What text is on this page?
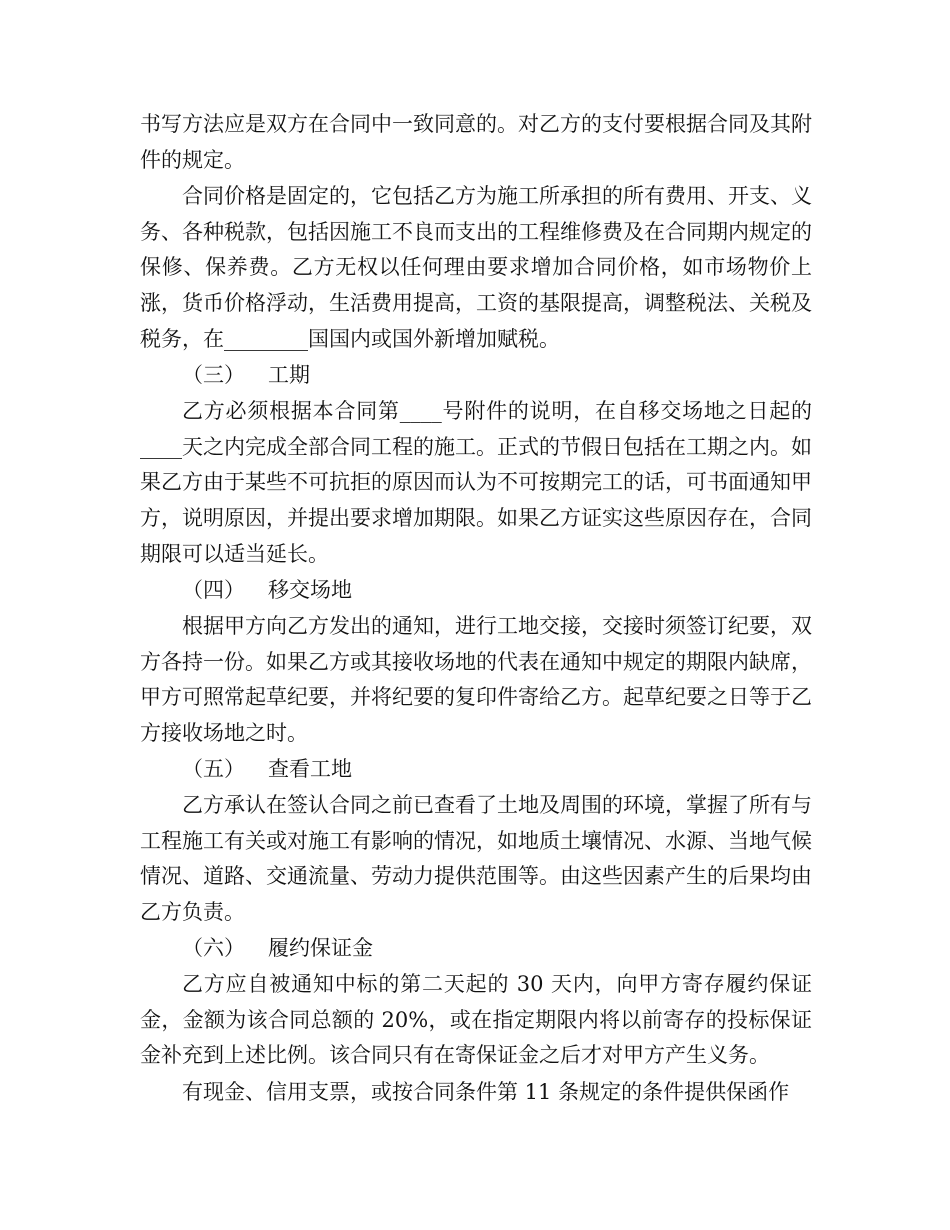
书写方法应是双方在合同中一致同意的。对乙方的支付要根据合同及其附件的规定。

合同价格是固定的，它包括乙方为施工所承担的所有费用、开支、义务、各种税款，包括因施工不良而支出的工程维修费及在合同期内规定的保修、保养费。乙方无权以任何理由要求增加合同价格，如市场物价上涨，货币价格浮动，生活费用提高，工资的基限提高，调整税法、关税及税务，在________国国内或国外新增加赋税。

（三） 工期

乙方必须根据本合同第____号附件的说明，在自移交场地之日起的____天之内完成全部合同工程的施工。正式的节假日包括在工期之内。如果乙方由于某些不可抗拒的原因而认为不可按期完工的话，可书面通知甲方，说明原因，并提出要求增加期限。如果乙方证实这些原因存在，合同期限可以适当延长。

（四） 移交场地

根据甲方向乙方发出的通知，进行工地交接，交接时须签订纪要，双方各持一份。如果乙方或其接收场地的代表在通知中规定的期限内缺席，甲方可照常起草纪要，并将纪要的复印件寄给乙方。起草纪要之日等于乙方接收场地之时。

（五） 查看工地

乙方承认在签认合同之前已查看了土地及周围的环境，掌握了所有与工程施工有关或对施工有影响的情况，如地质土壤情况、水源、当地气候情况、道路、交通流量、劳动力提供范围等。由这些因素产生的后果均由乙方负责。

（六） 履约保证金

乙方应自被通知中标的第二天起的 30 天内，向甲方寄存履约保证金，金额为该合同总额的 20%，或在指定期限内将以前寄存的投标保证金补充到上述比例。该合同只有在寄保证金之后才对甲方产生义务。

有现金、信用支票，或按合同条件第 11 条规定的条件提供保函作
